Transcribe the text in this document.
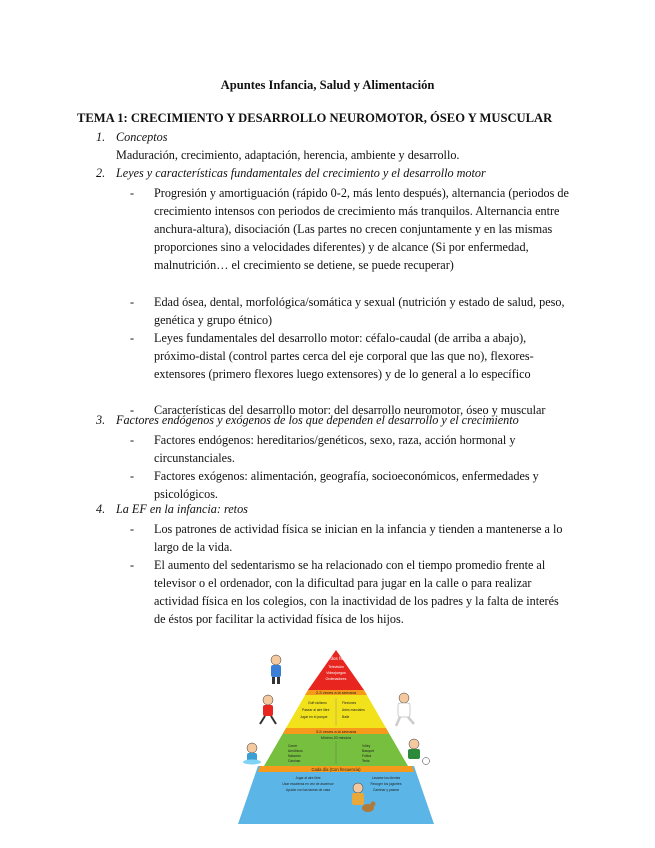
Apuntes Infancia, Salud y Alimentación
TEMA 1: CRECIMIENTO Y DESARROLLO NEUROMOTOR, ÓSEO Y MUSCULAR
1. Conceptos
Maduración, crecimiento, adaptación, herencia, ambiente y desarrollo.
2. Leyes y características fundamentales del crecimiento y el desarrollo motor
- Progresión y amortiguación (rápido 0-2, más lento después), alternancia (periodos de crecimiento intensos con periodos de crecimiento más tranquilos. Alternancia entre anchura-altura), disociación (Las partes no crecen conjuntamente y en las mismas proporciones sino a velocidades diferentes) y de alcance (Si por enfermedad, malnutrición… el crecimiento se detiene, se puede recuperar)
- Edad ósea, dental, morfológica/somática y sexual (nutrición y estado de salud, peso, genética y grupo étnico)
- Leyes fundamentales del desarrollo motor: céfalo-caudal (de arriba a abajo), próximo-distal (control partes cerca del eje corporal que las que no), flexores-extensores (primero flexores luego extensores) y de lo general a lo específico
- Características del desarrollo motor: del desarrollo neuromotor, óseo y muscular
3. Factores endógenos y exógenos de los que dependen el desarrollo y el crecimiento
- Factores endógenos: hereditarios/genéticos, sexo, raza, acción hormonal y circunstanciales.
- Factores exógenos: alimentación, geografía, socioeconómicos, enfermedades y psicológicos.
4. La EF en la infancia: retos
- Los patrones de actividad física se inician en la infancia y tienden a mantenerse a lo largo de la vida.
- El aumento del sedentarismo se ha relacionado con el tiempo promedio frente al televisor o el ordenador, con la dificultad para jugar en la calle o para realizar actividad física en los colegios, con la inactividad de los padres y la falta de interés de éstos por facilitar la actividad física de los hijos.
Menos de dos horas al día
Televisión
Videojuegos
Ordenadores
2-3 veces a la semana
Golf·ciclismo
Pasear al aire libre
Jugar en el parque
Flexiones
Artes marciales
Baile
3-5 veces a la semana
Mínimo 20 minutos
Correr
Aeróbicos
Natación
Caminar
Vóley
Basquet
Fútbol
Tenis
Cada día (Con frecuencia)
Jugar al aire libre
Usar escaleras en vez de ascensor
Ayudar con las tareas de casa
Lavarse los dientes
Recoger los juguetes
Caminar y pasear
